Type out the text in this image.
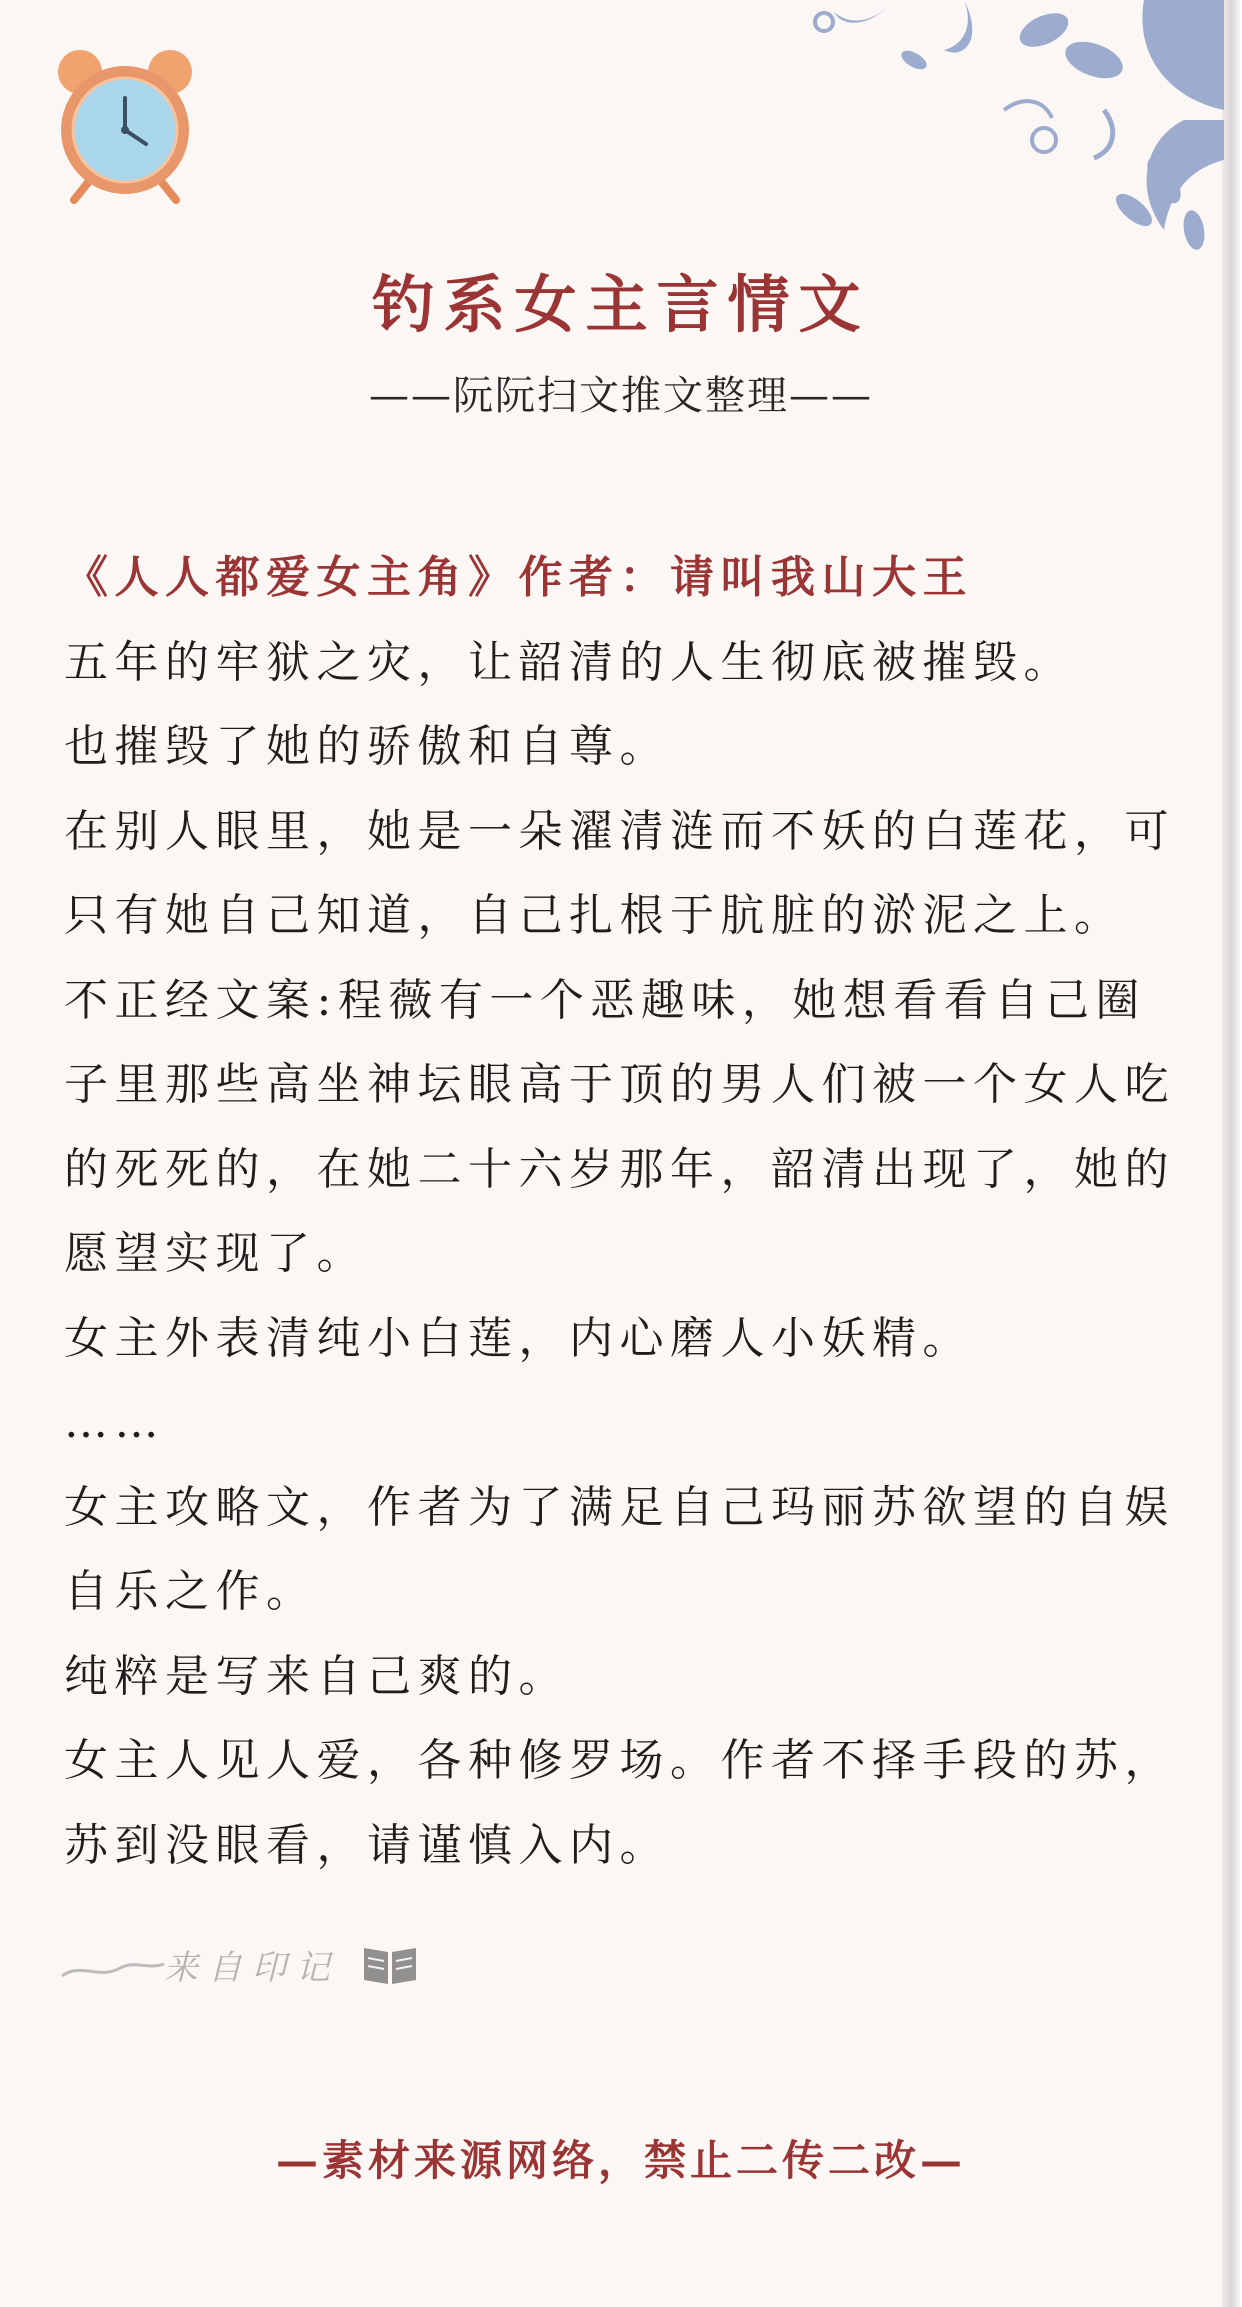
钓系女主言情文
——阮阮扫文推文整理——

《人人都爱女主角》作者：请叫我山大王

五年的牢狱之灾，让韶清的人生彻底被摧毁。

也摧毁了她的骄傲和自尊。

在别人眼里，她是一朵濯清涟而不妖的白莲花，可只有她自己知道，自己扎根于肮脏的淤泥之上。

不正经文案:程薇有一个恶趣味，她想看看自己圈子里那些高坐神坛眼高于顶的男人们被一个女人吃的死死的，在她二十六岁那年，韶清出现了，她的愿望实现了。

女主外表清纯小白莲，内心磨人小妖精。

……

女主攻略文，作者为了满足自己玛丽苏欲望的自娱自乐之作。

纯粹是写来自己爽的。

女主人见人爱，各种修罗场。作者不择手段的苏，苏到没眼看，请谨慎入内。

来自印记
—素材来源网络，禁止二传二改—
